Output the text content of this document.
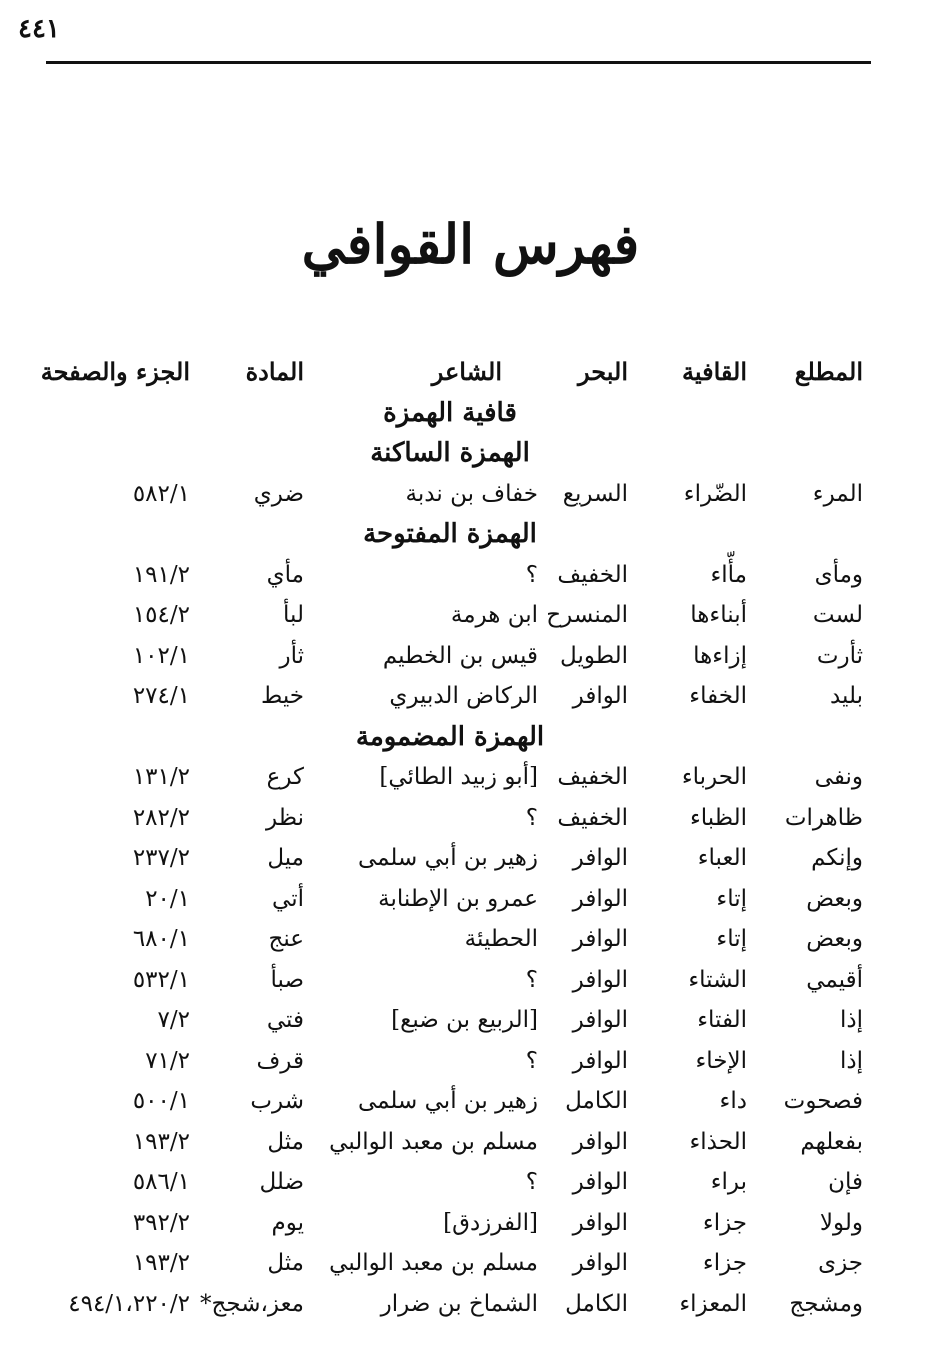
٤٤١
فهرس القوافي
المطلع
القافية
البحر
الشاعر
المادة
الجزء والصفحة
قافية الهمزة
الهمزة الساكنة
المرء
الضّراء
السريع
خفاف بن ندبة
ضري
٥٨٢/١
الهمزة المفتوحة
ومأى
مأّاء
الخفيف
؟
مأي
١٩١/٢
لست
أبناءها
المنسرح
ابن هرمة
لبأ
١٥٤/٢
ثأرت
إزاءها
الطويل
قيس بن الخطيم
ثأر
١٠٢/١
بليد
الخفاء
الوافر
الركاض الدبيري
خيط
٢٧٤/١
الهمزة المضمومة
ونفى
الحرباء
الخفيف
[أبو زبيد الطائي]
كرع
١٣١/٢
ظاهرات
الظباء
الخفيف
؟
نظر
٢٨٢/٢
وإنكم
العباء
الوافر
زهير بن أبي سلمى
ميل
٢٣٧/٢
وبعض
إتاء
الوافر
عمرو بن الإطنابة
أتي
٢٠/١
وبعض
إتاء
الوافر
الحطيئة
عنج
٦٨٠/١
أقيمي
الشتاء
الوافر
؟
صبأ
٥٣٢/١
إذا
الفتاء
الوافر
[الربيع بن ضبع]
فتي
٧/٢
إذا
الإخاء
الوافر
؟
قرف
٧١/٢
فصحوت
داء
الكامل
زهير بن أبي سلمى
شرب
٥٠٠/١
بفعلهم
الحذاء
الوافر
مسلم بن معبد الوالبي
مثل
١٩٣/٢
فإن
براء
الوافر
؟
ضلل
٥٨٦/١
ولولا
جزاء
الوافر
[الفرزدق]
يوم
٣٩٢/٢
جزى
جزاء
الوافر
مسلم بن معبد الوالبي
مثل
١٩٣/٢
ومشجج
المعزاء
الكامل
الشماخ بن ضرار
معز،شجج*
٤٩٤/١،٢٢٠/٢
